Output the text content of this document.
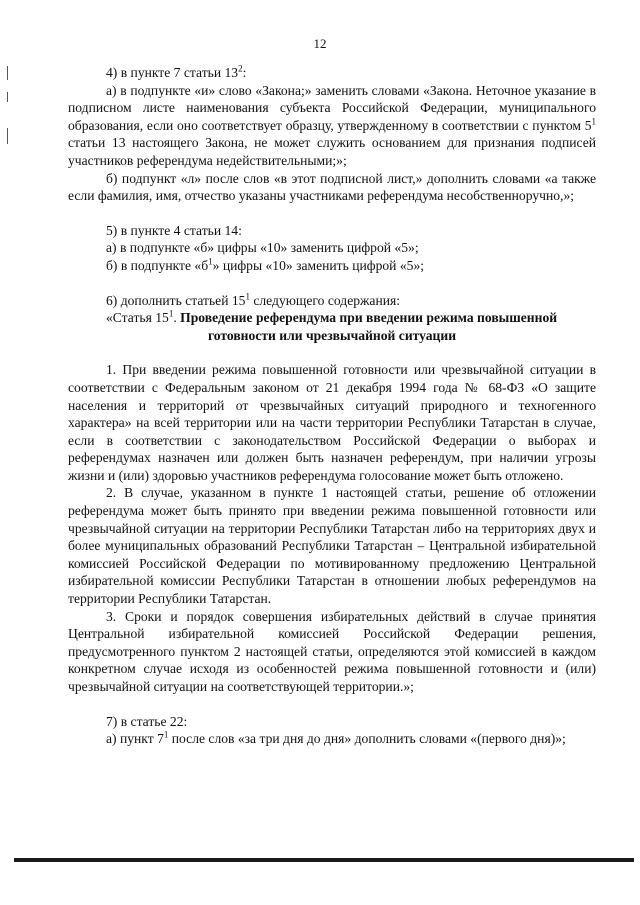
12

4) в пункте 7 статьи $13^2$:

а) в подпункте «и» слово «Закона;» заменить словами «Закона. Неточное указание в подписном листе наименования субъекта Российской Федерации, муниципального образования, если оно соответствует образцу, утвержденному в соответствии с пунктом $5^1$ статьи 13 настоящего Закона, не может служить основанием для признания подписей участников референдума недействительными;»;

б) подпункт «л» после слов «в этот подписной лист,» дополнить словами «а также если фамилия, имя, отчество указаны участниками референдума несобственноручно,»;

5) в пункте 4 статьи 14:

а) в подпункте «б» цифры «10» заменить цифрой «5»;

б) в подпункте «$б^1$» цифры «10» заменить цифрой «5»;

6) дополнить статьей $15^1$ следующего содержания:

«Статья $15^1$. Проведение референдума при введении режима повышенной

готовности или чрезвычайной ситуации

1. При введении режима повышенной готовности или чрезвычайной ситуации в соответствии с Федеральным законом от 21 декабря 1994 года № 68-ФЗ «О защите населения и территорий от чрезвычайных ситуаций природного и техногенного характера» на всей территории или на части территории Республики Татарстан в случае, если в соответствии с законодательством Российской Федерации о выборах и референдумах назначен или должен быть назначен референдум, при наличии угрозы жизни и (или) здоровью участников референдума голосование может быть отложено.

2. В случае, указанном в пункте 1 настоящей статьи, решение об отложении референдума может быть принято при введении режима повышенной готовности или чрезвычайной ситуации на территории Республики Татарстан либо на территориях двух и более муниципальных образований Республики Татарстан – Центральной избирательной комиссией Российской Федерации по мотивированному предложению Центральной избирательной комиссии Республики Татарстан в отношении любых референдумов на территории Республики Татарстан.

3. Сроки и порядок совершения избирательных действий в случае принятия Центральной избирательной комиссией Российской Федерации решения, предусмотренного пунктом 2 настоящей статьи, определяются этой комиссией в каждом конкретном случае исходя из особенностей режима повышенной готовности и (или) чрезвычайной ситуации на соответствующей территории.»;

7) в статье 22:

а) пункт $7^1$ после слов «за три дня до дня» дополнить словами «(первого дня)»;
